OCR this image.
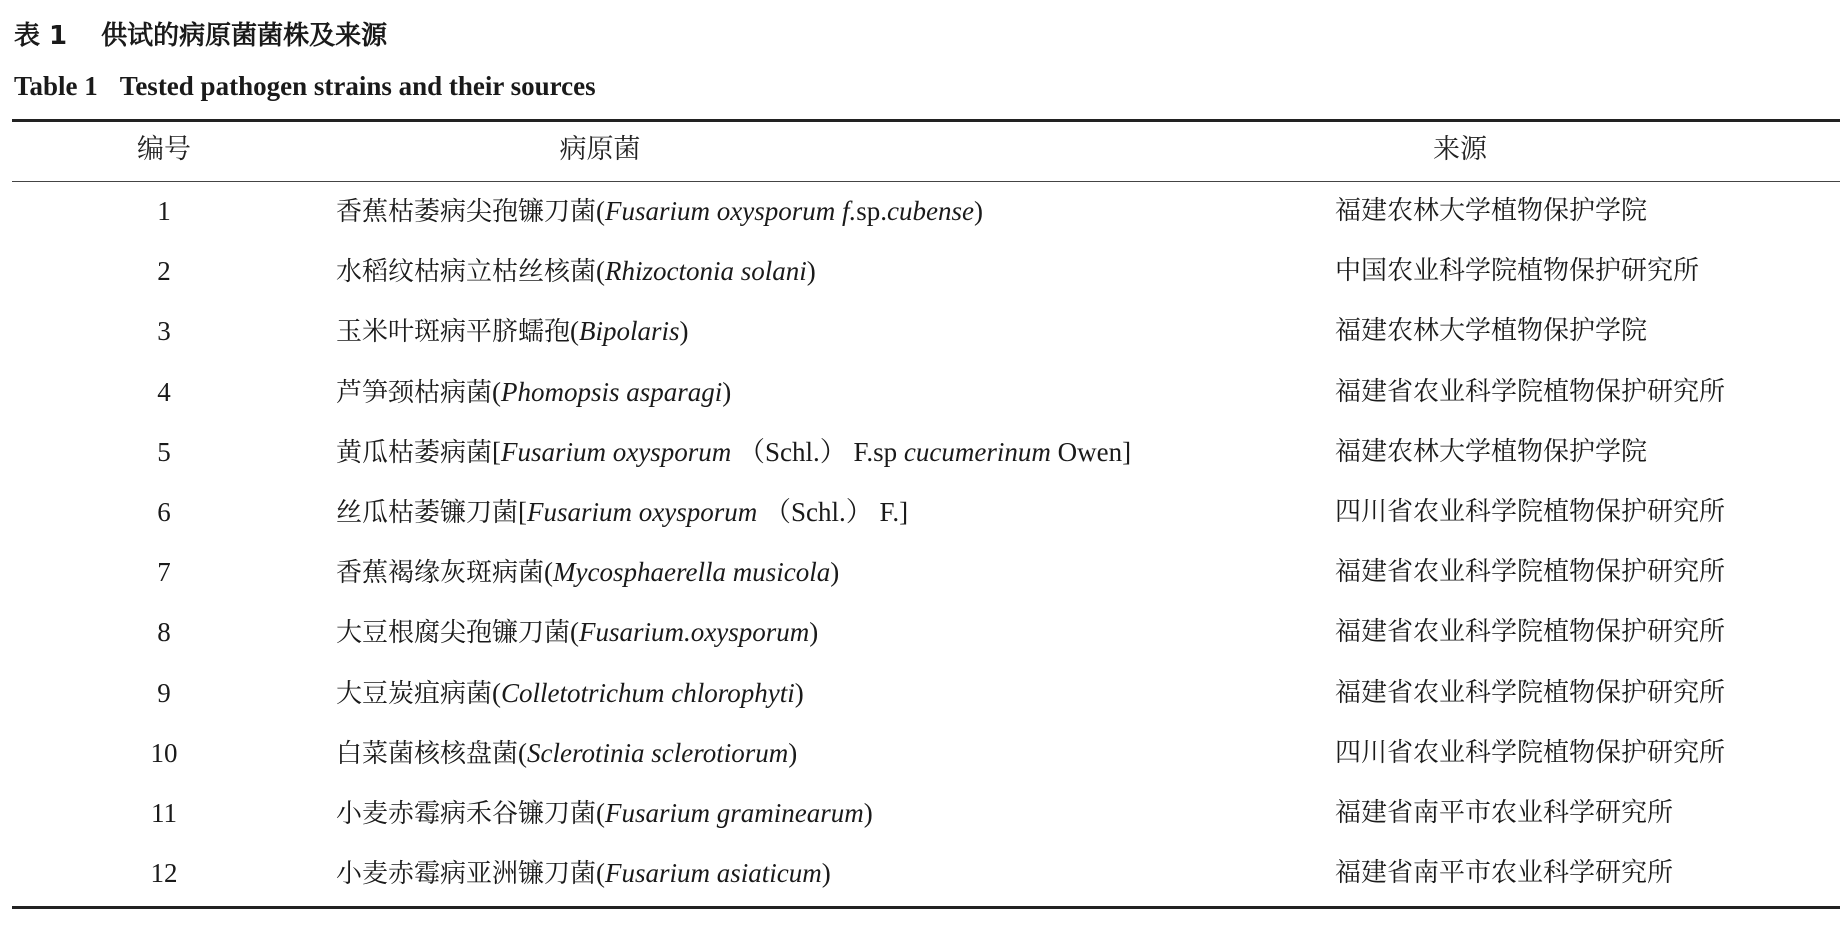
表 1 供试的病原菌菌株及来源
Table 1 Tested pathogen strains and their sources
编号	病原菌	来源
1	香蕉枯萎病尖孢镰刀菌(Fusarium oxysporum f.sp.cubense)	福建农林大学植物保护学院
2	水稻纹枯病立枯丝核菌(Rhizoctonia solani)	中国农业科学院植物保护研究所
3	玉米叶斑病平脐蠕孢(Bipolaris)	福建农林大学植物保护学院
4	芦笋颈枯病菌(Phomopsis asparagi)	福建省农业科学院植物保护研究所
5	黄瓜枯萎病菌[Fusarium oxysporum （Schl.） F.sp cucumerinum Owen]	福建农林大学植物保护学院
6	丝瓜枯萎镰刀菌[Fusarium oxysporum （Schl.） F.]	四川省农业科学院植物保护研究所
7	香蕉褐缘灰斑病菌(Mycosphaerella musicola)	福建省农业科学院植物保护研究所
8	大豆根腐尖孢镰刀菌(Fusarium.oxysporum)	福建省农业科学院植物保护研究所
9	大豆炭疽病菌(Colletotrichum chlorophyti)	福建省农业科学院植物保护研究所
10	白菜菌核核盘菌(Sclerotinia sclerotiorum)	四川省农业科学院植物保护研究所
11	小麦赤霉病禾谷镰刀菌(Fusarium graminearum)	福建省南平市农业科学研究所
12	小麦赤霉病亚洲镰刀菌(Fusarium asiaticum)	福建省南平市农业科学研究所
